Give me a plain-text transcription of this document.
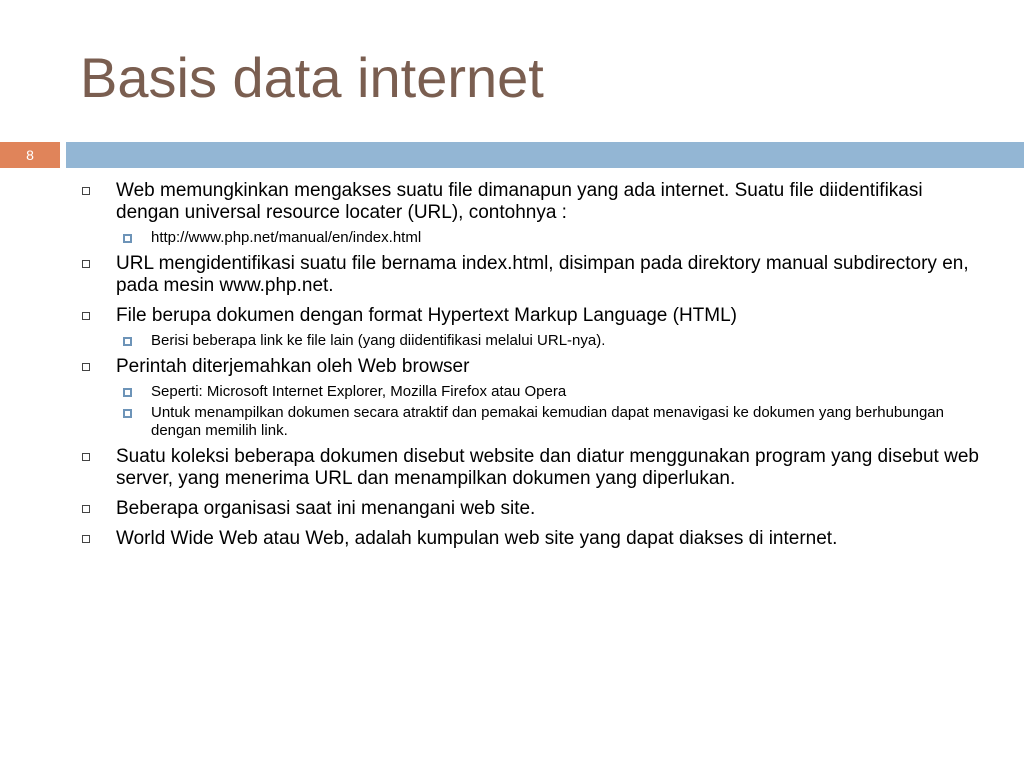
Basis data internet
8
Web memungkinkan mengakses suatu file dimanapun yang ada internet. Suatu file diidentifikasi dengan universal resource locater (URL), contohnya :
http://www.php.net/manual/en/index.html
URL mengidentifikasi suatu file bernama index.html, disimpan pada direktory manual subdirectory en, pada mesin www.php.net.
File berupa dokumen dengan format Hypertext Markup Language (HTML)
Berisi beberapa link ke file lain (yang diidentifikasi melalui URL-nya).
Perintah diterjemahkan oleh Web browser
Seperti: Microsoft Internet Explorer, Mozilla Firefox atau Opera
Untuk menampilkan dokumen secara atraktif dan pemakai kemudian dapat menavigasi ke dokumen yang berhubungan dengan memilih link.
Suatu koleksi beberapa dokumen disebut website dan diatur menggunakan program yang disebut web server, yang menerima URL dan menampilkan dokumen yang diperlukan.
Beberapa organisasi saat ini menangani web site.
World Wide Web atau Web, adalah kumpulan web site yang dapat diakses di internet.
